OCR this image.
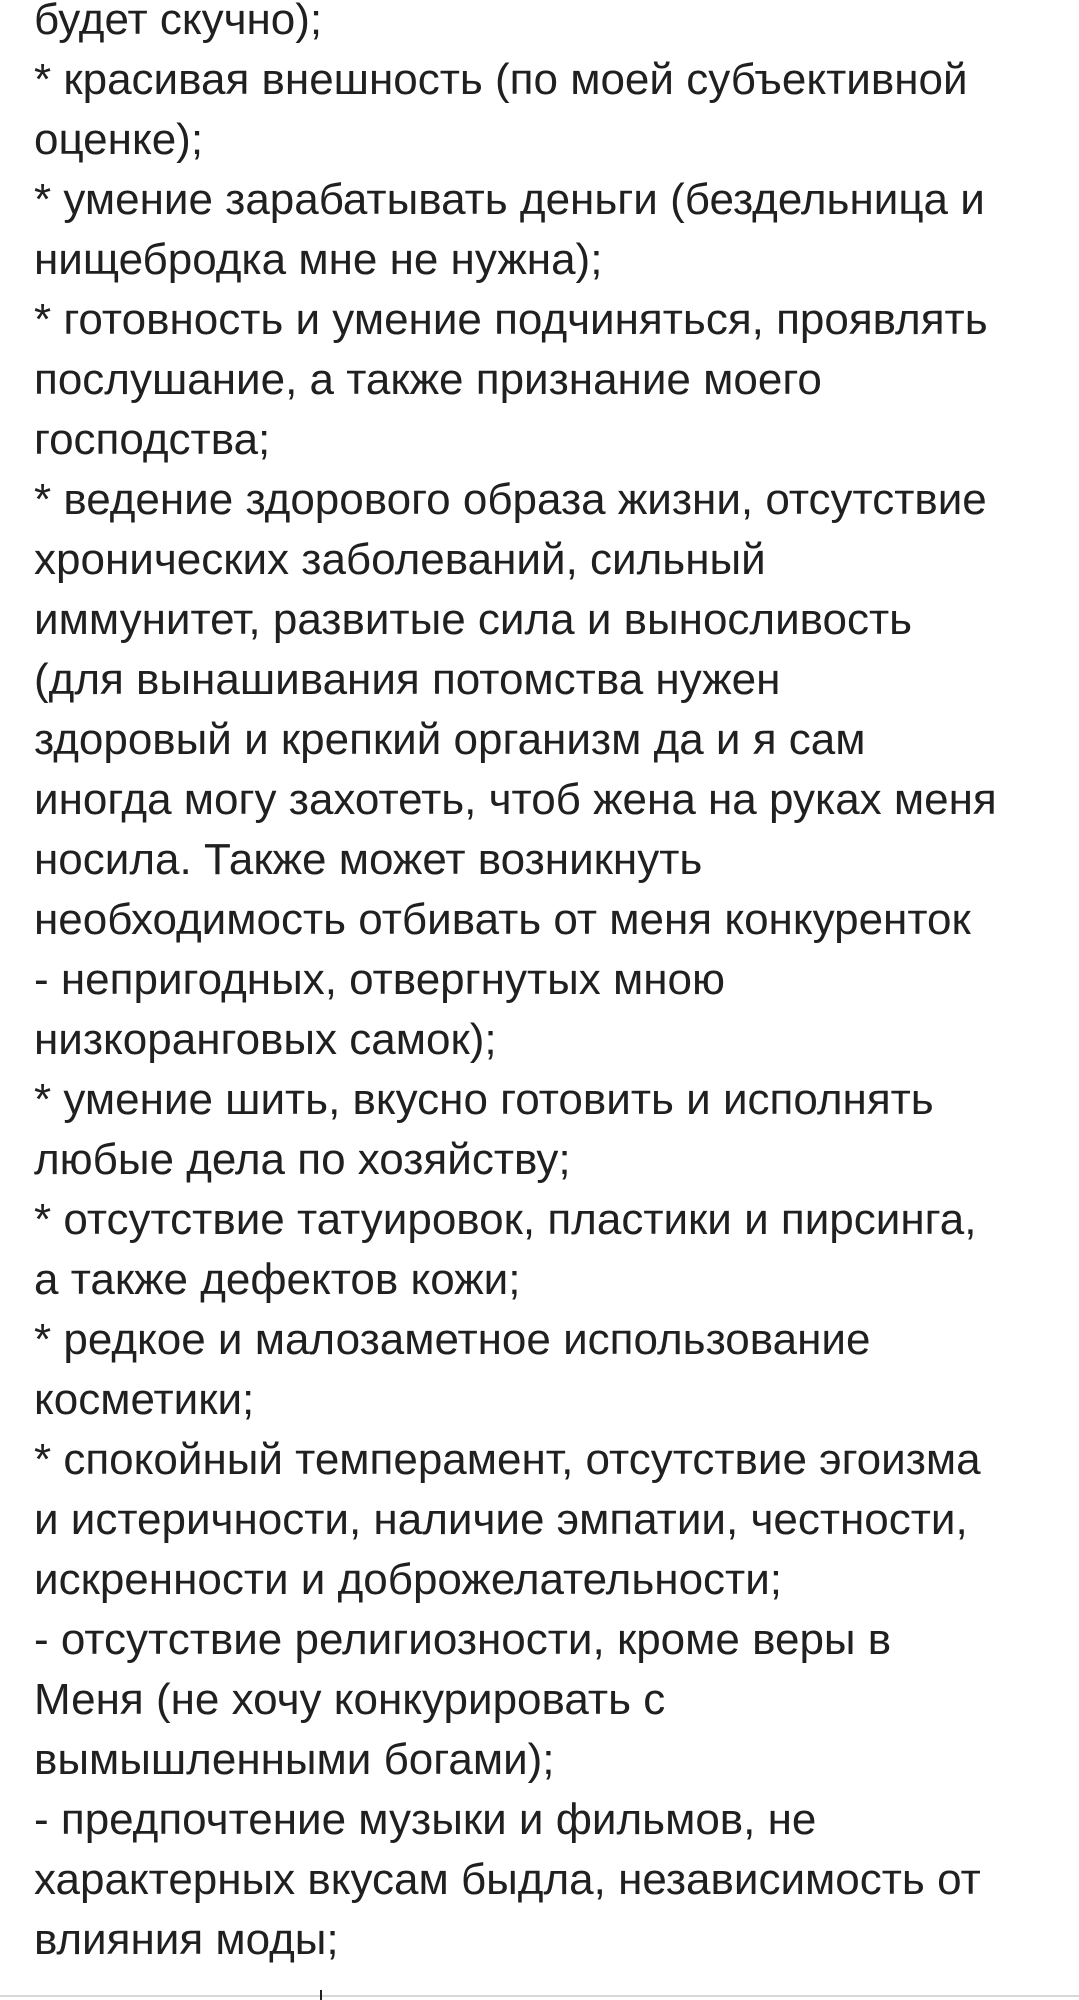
будет скучно);
* красивая внешность (по моей субъективной
оценке);
* умение зарабатывать деньги (бездельница и
нищебродка мне не нужна);
* готовность и умение подчиняться, проявлять
послушание, а также признание моего
господства;
* ведение здорового образа жизни, отсутствие
хронических заболеваний, сильный
иммунитет, развитые сила и выносливость
(для вынашивания потомства нужен
здоровый и крепкий организм да и я сам
иногда могу захотеть, чтоб жена на руках меня
носила. Также может возникнуть
необходимость отбивать от меня конкуренток
- непригодных, отвергнутых мною
низкоранговых самок);
* умение шить, вкусно готовить и исполнять
любые дела по хозяйству;
* отсутствие татуировок, пластики и пирсинга,
а также дефектов кожи;
* редкое и малозаметное использование
косметики;
* спокойный темперамент, отсутствие эгоизма
и истеричности, наличие эмпатии, честности,
искренности и доброжелательности;
- отсутствие религиозности, кроме веры в
Меня (не хочу конкурировать с
вымышленными богами);
- предпочтение музыки и фильмов, не
характерных вкусам быдла, независимость от
влияния моды;
